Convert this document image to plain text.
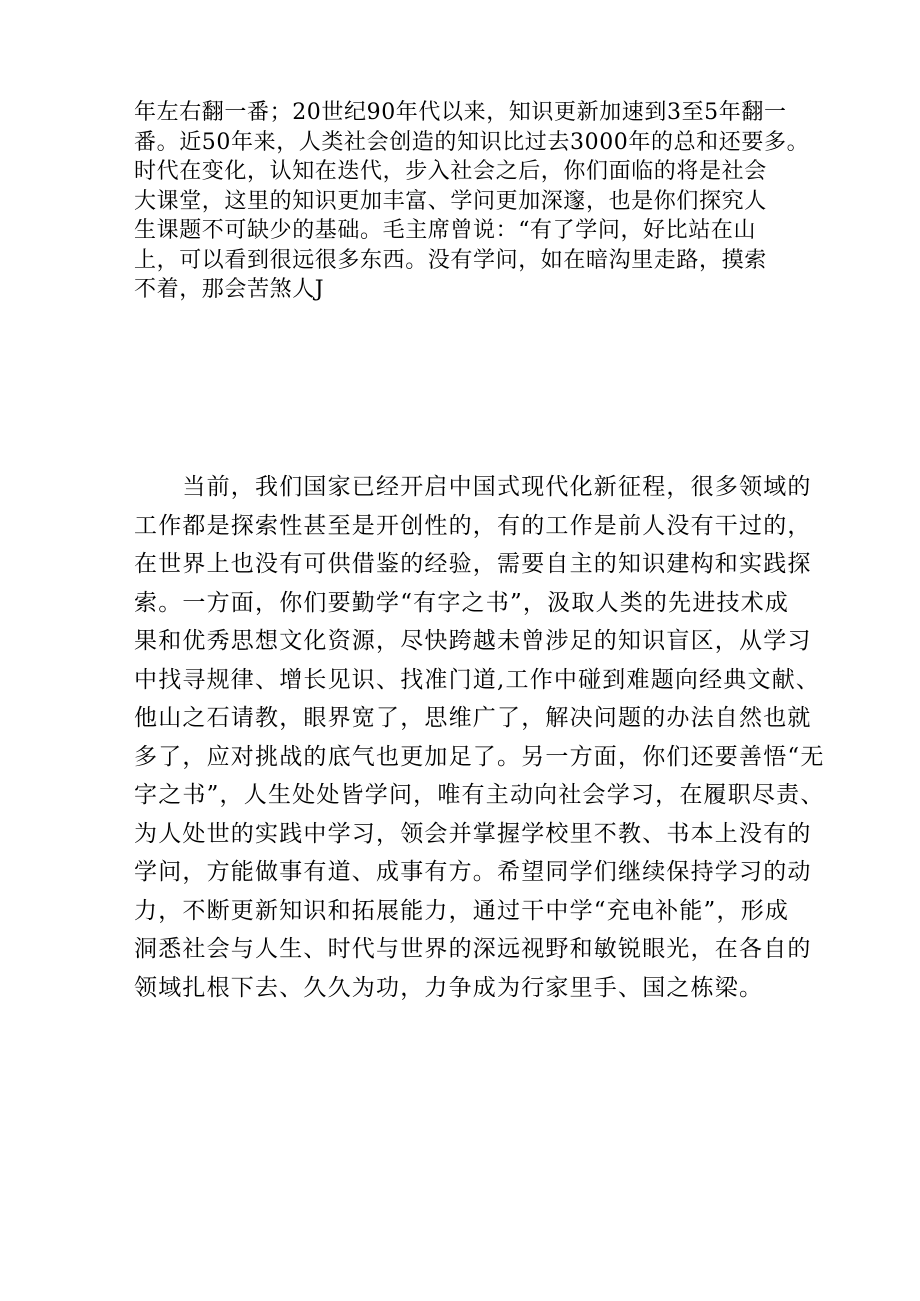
年左右翻一番；20世纪90年代以来，知识更新加速到3至5年翻一
番。近50年来，人类社会创造的知识比过去3000年的总和还要多。
时代在变化，认知在迭代，步入社会之后，你们面临的将是社会
大课堂，这里的知识更加丰富、学问更加深邃，也是你们探究人
生课题不可缺少的基础。毛主席曾说：“有了学问，好比站在山
上，可以看到很远很多东西。没有学问，如在暗沟里走路，摸索
不着，那会苦煞人J
　　当前，我们国家已经开启中国式现代化新征程，很多领域的
工作都是探索性甚至是开创性的，有的工作是前人没有干过的，
在世界上也没有可供借鉴的经验，需要自主的知识建构和实践探
索。一方面，你们要勤学“有字之书”，汲取人类的先进技术成
果和优秀思想文化资源，尽快跨越未曾涉足的知识盲区，从学习
中找寻规律、增长见识、找准门道,工作中碰到难题向经典文献、
他山之石请教，眼界宽了，思维广了，解决问题的办法自然也就
多了，应对挑战的底气也更加足了。另一方面，你们还要善悟“无
字之书”，人生处处皆学问，唯有主动向社会学习，在履职尽责、
为人处世的实践中学习，领会并掌握学校里不教、书本上没有的
学问，方能做事有道、成事有方。希望同学们继续保持学习的动
力，不断更新知识和拓展能力，通过干中学“充电补能”，形成
洞悉社会与人生、时代与世界的深远视野和敏锐眼光，在各自的
领域扎根下去、久久为功，力争成为行家里手、国之栋梁。
